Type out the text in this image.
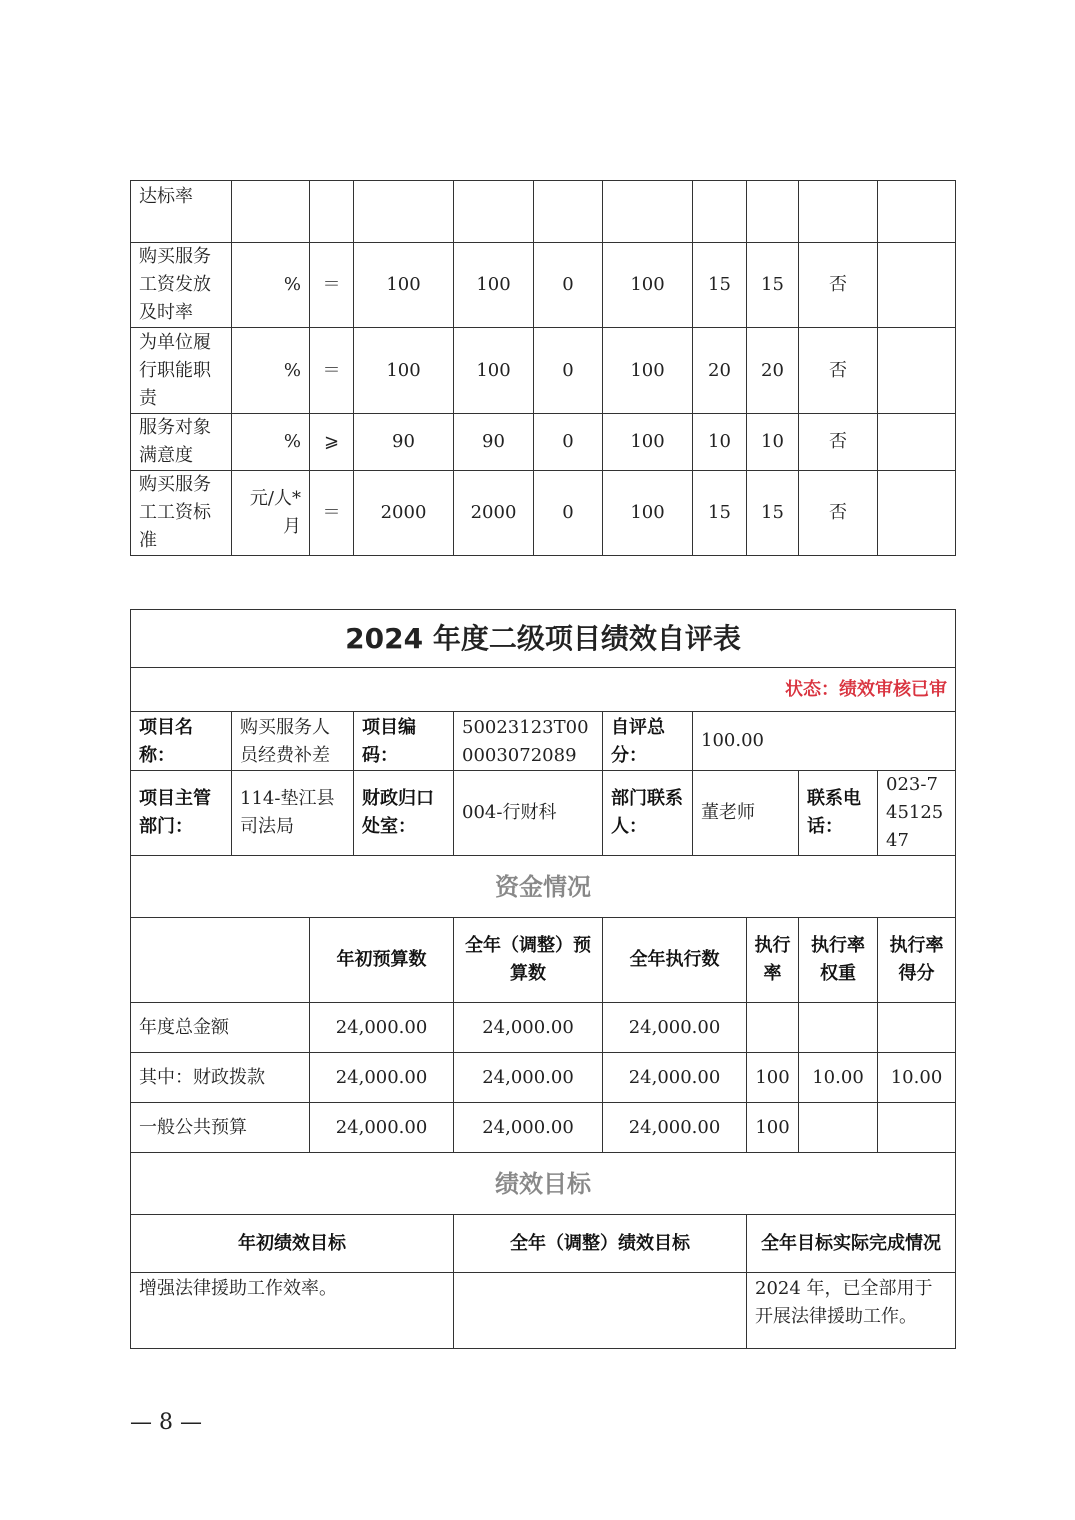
达标率										
购买服务工资发放及时率	%	＝	100	100	0	100	15	15	否	
为单位履行职能职责	%	＝	100	100	0	100	20	20	否	
服务对象满意度	%	⩾	90	90	0	100	10	10	否	
购买服务工工资标准	元/人*月	＝	2000	2000	0	100	15	15	否	
2024 年度二级项目绩效自评表									
状态：绩效审核已审									
项目名称：	购买服务人员经费补差		项目编码：	50023123T000003072089	自评总分：	100.00			
项目主管部门：	114-垫江县司法局		财政归口处室：	004-行财科	部门联系人：	董老师		联系电话：	023-745125 47
资金情况									
		年初预算数		全年（调整）预算数	全年执行数		执行率	执行率权重	执行率得分
年度总金额		24,000.00		24,000.00	24,000.00				
其中：财政拨款		24,000.00		24,000.00	24,000.00		100	10.00	10.00
一般公共预算		24,000.00		24,000.00	24,000.00		100		
绩效目标									
年初绩效目标				全年（调整）绩效目标			全年目标实际完成情况		
增强法律援助工作效率。							2024 年，已全部用于开展法律援助工作。		
— 8 —
